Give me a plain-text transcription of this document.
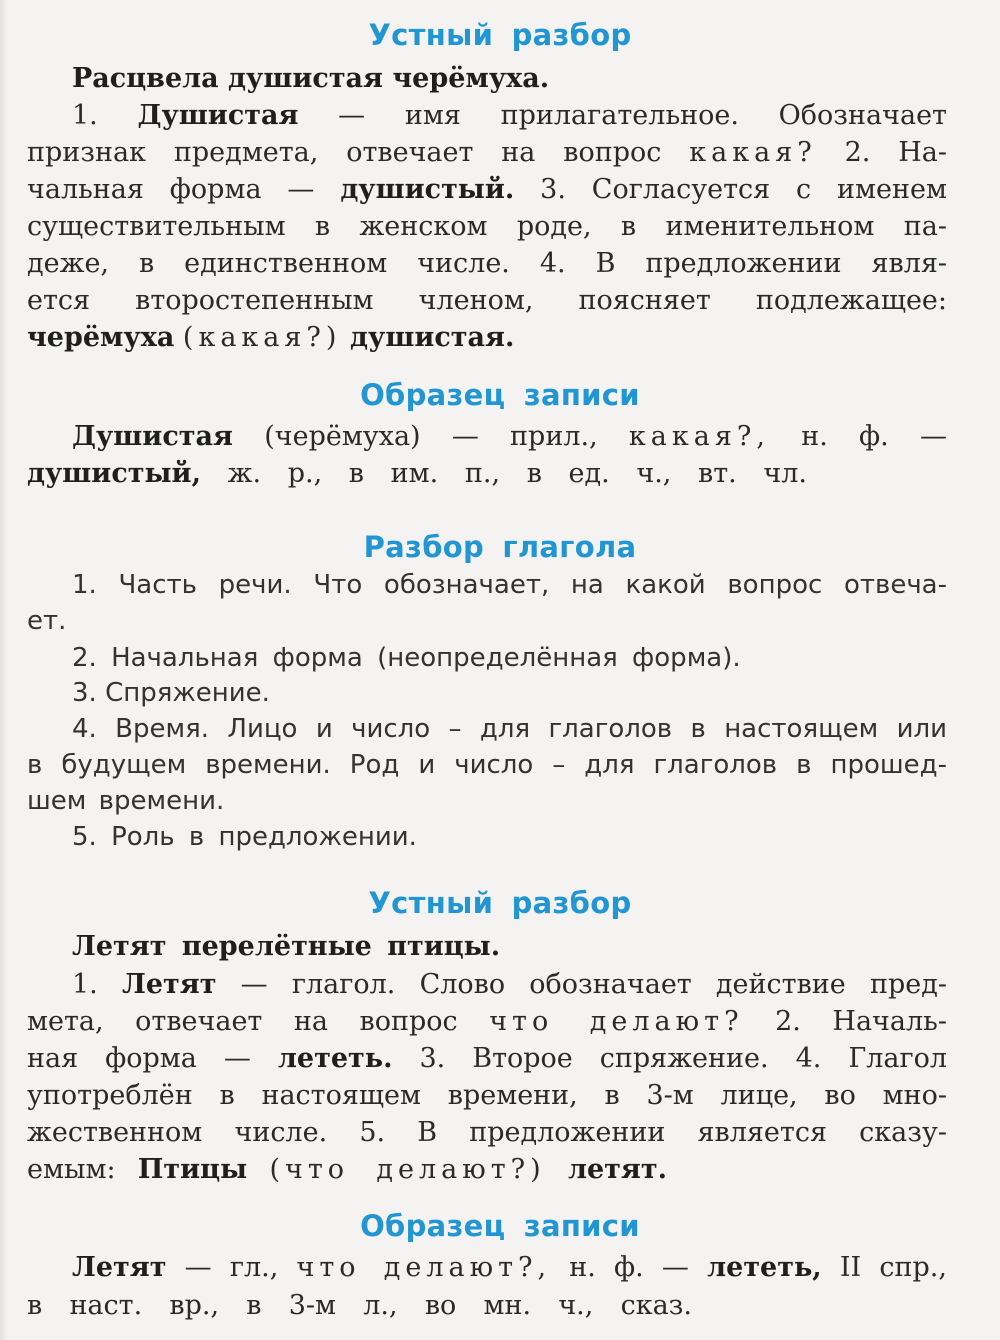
Устный разбор
Расцвела душистая черёмуха.
1. Душистая — имя прилагательное. Обозначает
признак предмета, отвечает на вопрос какая? 2. На-
чальная форма — душистый. 3. Согласуется с именем
существительным в женском роде, в именительном па-
деже, в единственном числе. 4. В предложении явля-
ется второстепенным членом, поясняет подлежащее:
черёмуха (какая?) душистая.
Образец записи
Душистая (черёмуха) — прил., какая?, н. ф. —
душистый, ж. р., в им. п., в ед. ч., вт. чл.
Разбор глагола
1. Часть речи. Что обозначает, на какой вопрос отвеча-
ет.
2. Начальная форма (неопределённая форма).
3. Спряжение.
4. Время. Лицо и число – для глаголов в настоящем или
в будущем времени. Род и число – для глаголов в прошед-
шем времени.
5. Роль в предложении.
Устный разбор
Летят перелётные птицы.
1. Летят — глагол. Слово обозначает действие пред-
мета, отвечает на вопрос что делают? 2. Началь-
ная форма — лететь. 3. Второе спряжение. 4. Глагол
употреблён в настоящем времени, в 3-м лице, во мно-
жественном числе. 5. В предложении является сказу-
емым: Птицы (что делают?) летят.
Образец записи
Летят — гл., что делают?, н. ф. — лететь, II спр.,
в наст. вр., в 3-м л., во мн. ч., сказ.
